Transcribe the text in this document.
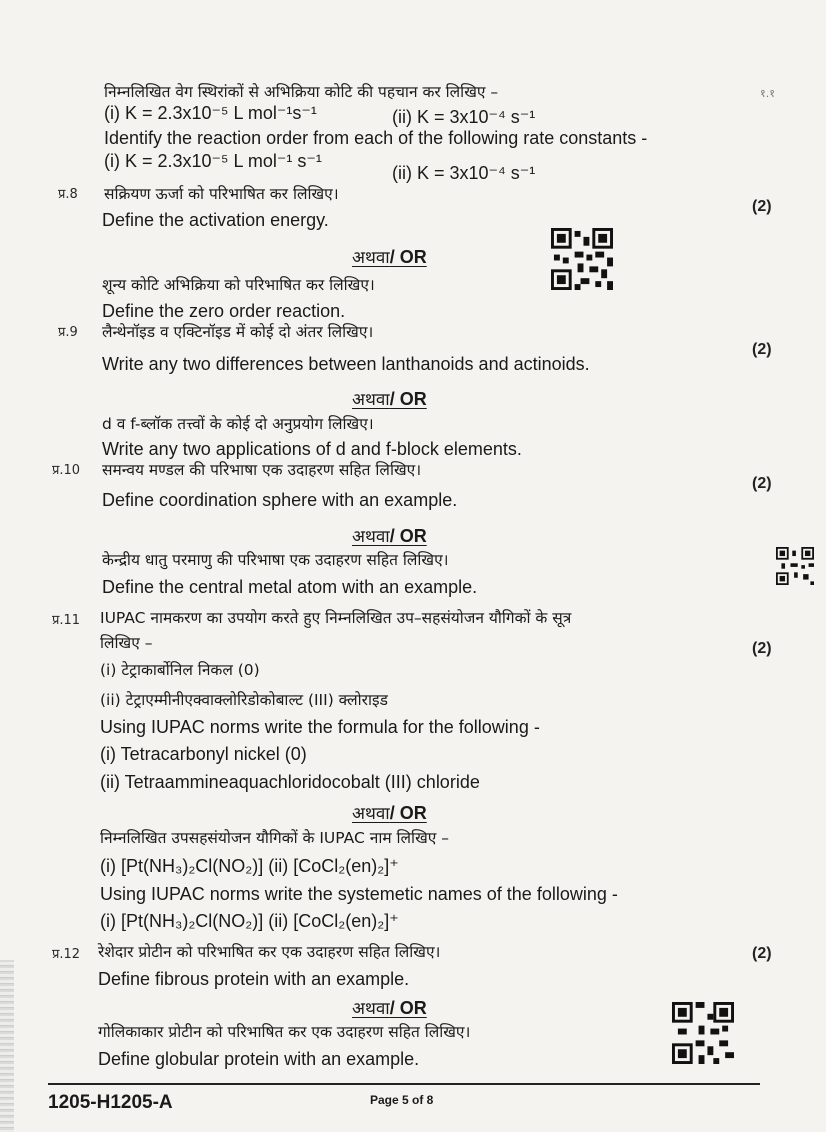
निम्नलिखित वेग स्थिरांकों से अभिक्रिया कोटि की पहचान कर लिखिए –	१.१
(i) K = 2.3x10⁻⁵ L mol⁻¹s⁻¹	(ii) K = 3x10⁻⁴ s⁻¹
Identify the reaction order from each of the following rate constants -
(i) K = 2.3x10⁻⁵ L mol⁻¹ s⁻¹
(ii) K = 3x10⁻⁴ s⁻¹
प्र.8 सक्रियण ऊर्जा को परिभाषित कर लिखिए।
(2)
Define the activation energy.
अथवा/ OR
शून्य कोटि अभिक्रिया को परिभाषित कर लिखिए।
Define the zero order reaction.
प्र.9 लैन्थेनॉइड व एक्टिनॉइड में कोई दो अंतर लिखिए।
(2)
Write any two differences between lanthanoids and actinoids.
अथवा/ OR
d व f-ब्लॉक तत्त्वों के कोई दो अनुप्रयोग लिखिए।
Write any two applications of d and f-block elements.
प्र.10 समन्वय मण्डल की परिभाषा एक उदाहरण सहित लिखिए।
(2)
Define coordination sphere with an example.
अथवा/ OR
केन्द्रीय धातु परमाणु की परिभाषा एक उदाहरण सहित लिखिए।
Define the central metal atom with an example.
प्र.11 IUPAC नामकरण का उपयोग करते हुए निम्नलिखित उप–सहसंयोजन यौगिकों के सूत्र
लिखिए –	(2)
(i) टेट्राकार्बोनिल निकल (0)
(ii) टेट्राएम्मीनीएक्वाक्लोरिडोकोबाल्ट (III) क्लोराइड
Using IUPAC norms write the formula for the following -
(i) Tetracarbonyl nickel (0)
(ii) Tetraammineaquachloridocobalt (III) chloride
अथवा/ OR
निम्नलिखित उपसहसंयोजन यौगिकों के IUPAC नाम लिखिए –
(i) [Pt(NH₃)₂Cl(NO₂)] (ii) [CoCl₂(en)₂]⁺
Using IUPAC norms write the systemetic names of the following -
(i) [Pt(NH₃)₂Cl(NO₂)] (ii) [CoCl₂(en)₂]⁺
प्र.12 रेशेदार प्रोटीन को परिभाषित कर एक उदाहरण सहित लिखिए।	(2)
Define fibrous protein with an example.
अथवा/ OR
गोलिकाकार प्रोटीन को परिभाषित कर एक उदाहरण सहित लिखिए।
Define globular protein with an example.
1205-H1205-A	Page 5 of 8
